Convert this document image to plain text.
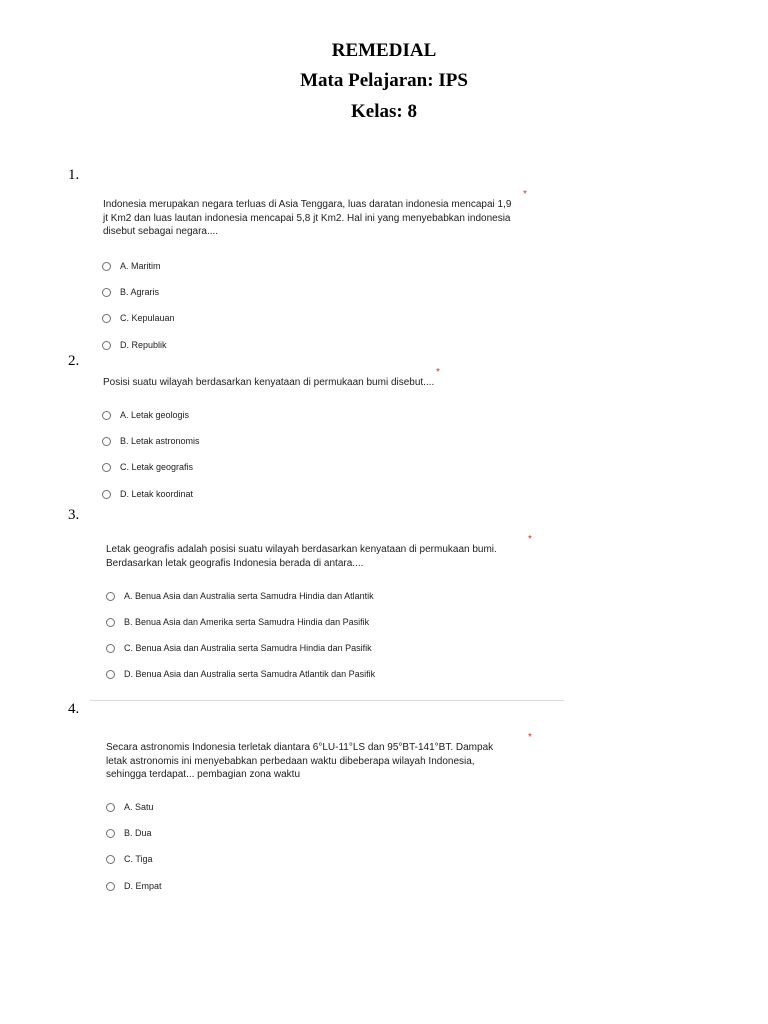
REMEDIAL
Mata Pelajaran: IPS
Kelas: 8
1.
Indonesia merupakan negara terluas di Asia Tenggara, luas daratan indonesia mencapai 1,9 jt Km2 dan luas lautan indonesia mencapai 5,8 jt Km2. Hal ini yang menyebabkan indonesia disebut sebagai negara....
*
A. Maritim
B. Agraris
C. Kepulauan
D. Republik
2.
Posisi suatu wilayah berdasarkan kenyataan di permukaan bumi disebut....
*
A. Letak geologis
B. Letak astronomis
C. Letak geografis
D. Letak koordinat
3.
Letak geografis adalah posisi suatu wilayah berdasarkan kenyataan di permukaan bumi. Berdasarkan letak geografis Indonesia berada di antara....
*
A. Benua Asia dan Australia serta Samudra Hindia dan Atlantik
B. Benua Asia dan Amerika serta Samudra Hindia dan Pasifik
C. Benua Asia dan Australia serta Samudra Hindia dan Pasifik
D. Benua Asia dan Australia serta Samudra Atlantik dan Pasifik
4.
Secara astronomis Indonesia terletak diantara 6°LU-11°LS dan 95°BT-141°BT. Dampak letak astronomis ini menyebabkan perbedaan waktu dibeberapa wilayah Indonesia, sehingga terdapat... pembagian zona waktu
*
A. Satu
B. Dua
C. Tiga
D. Empat
